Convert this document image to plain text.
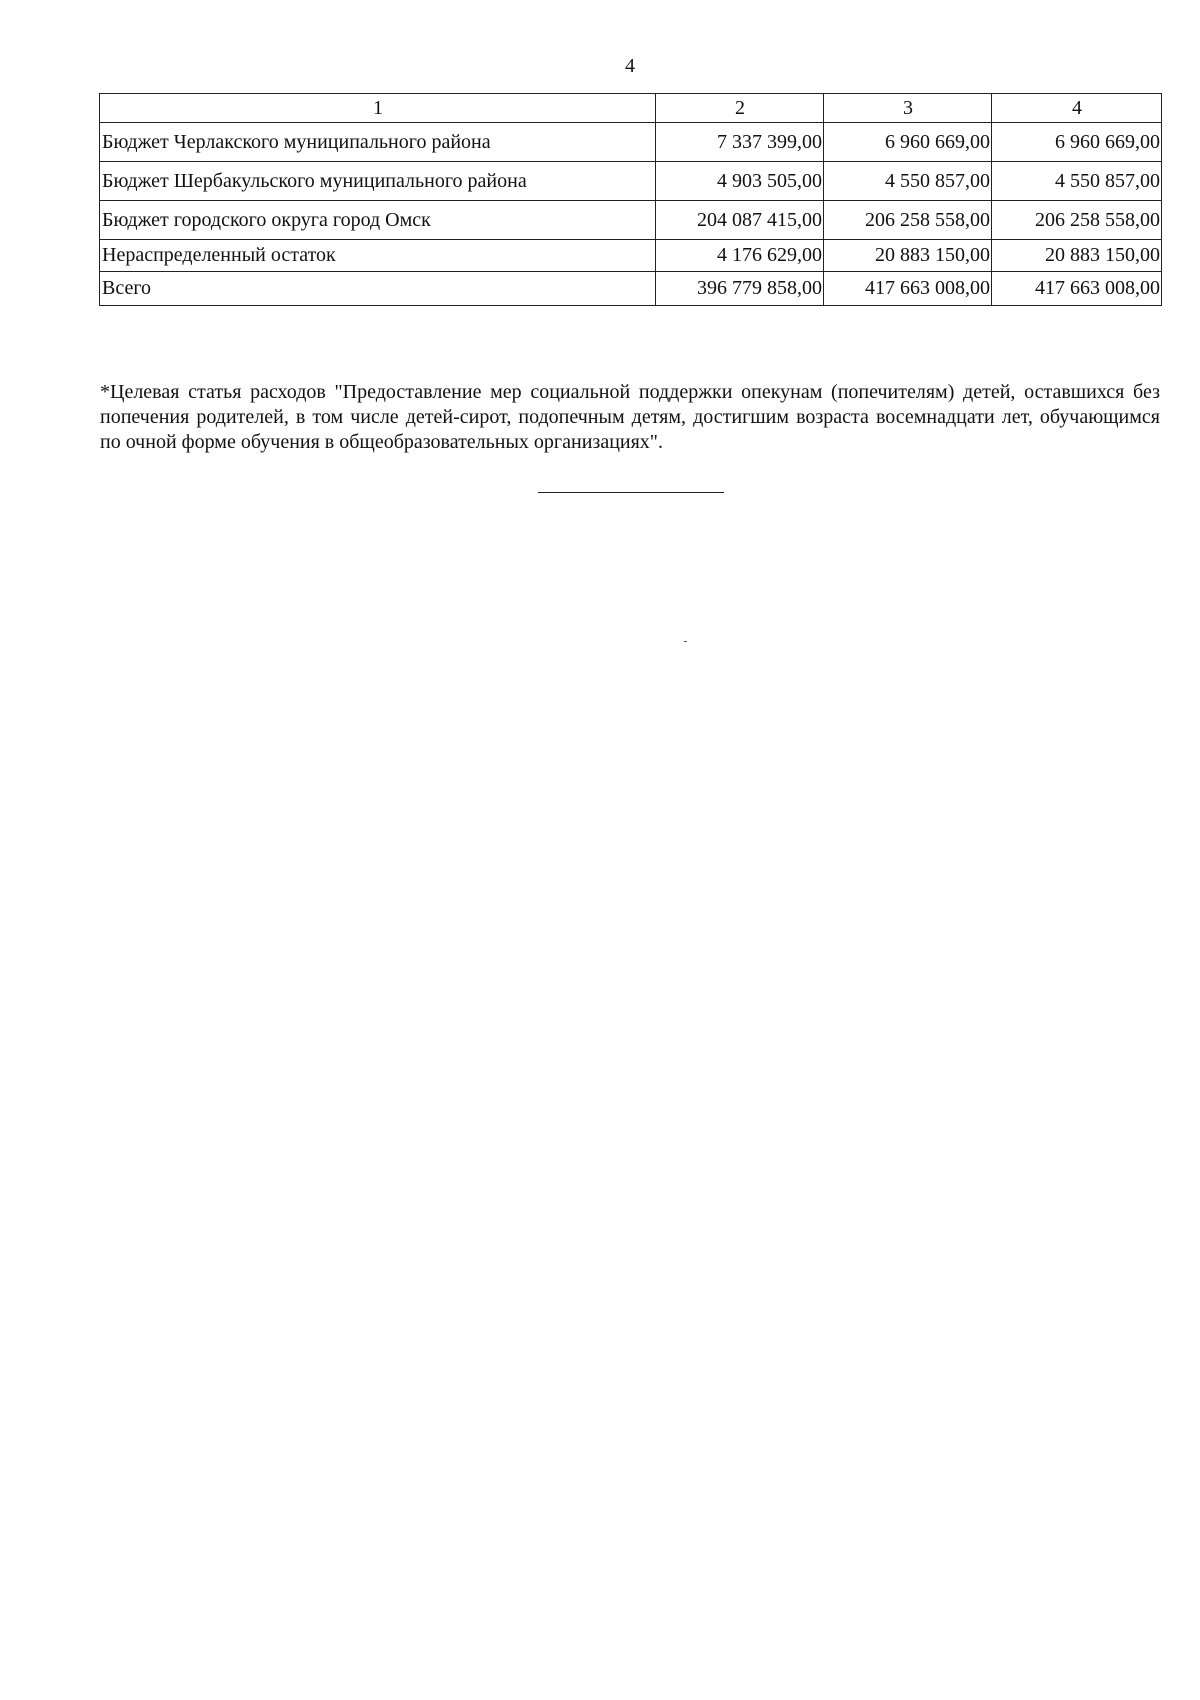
4
1	2	3	4
Бюджет Черлакского муниципального района	7 337 399,00	6 960 669,00	6 960 669,00
Бюджет Шербакульского муниципального района	4 903 505,00	4 550 857,00	4 550 857,00
Бюджет городского округа город Омск	204 087 415,00	206 258 558,00	206 258 558,00
Нераспределенный остаток	4 176 629,00	20 883 150,00	20 883 150,00
Всего	396 779 858,00	417 663 008,00	417 663 008,00

*Целевая статья расходов "Предоставление мер социальной поддержки опекунам (попечителям) детей, оставшихся без попечения родителей, в том числе детей-сирот, подопечным детям, достигшим возраста восемнадцати лет, обучающимся по очной форме обучения в общеобразовательных организациях".
